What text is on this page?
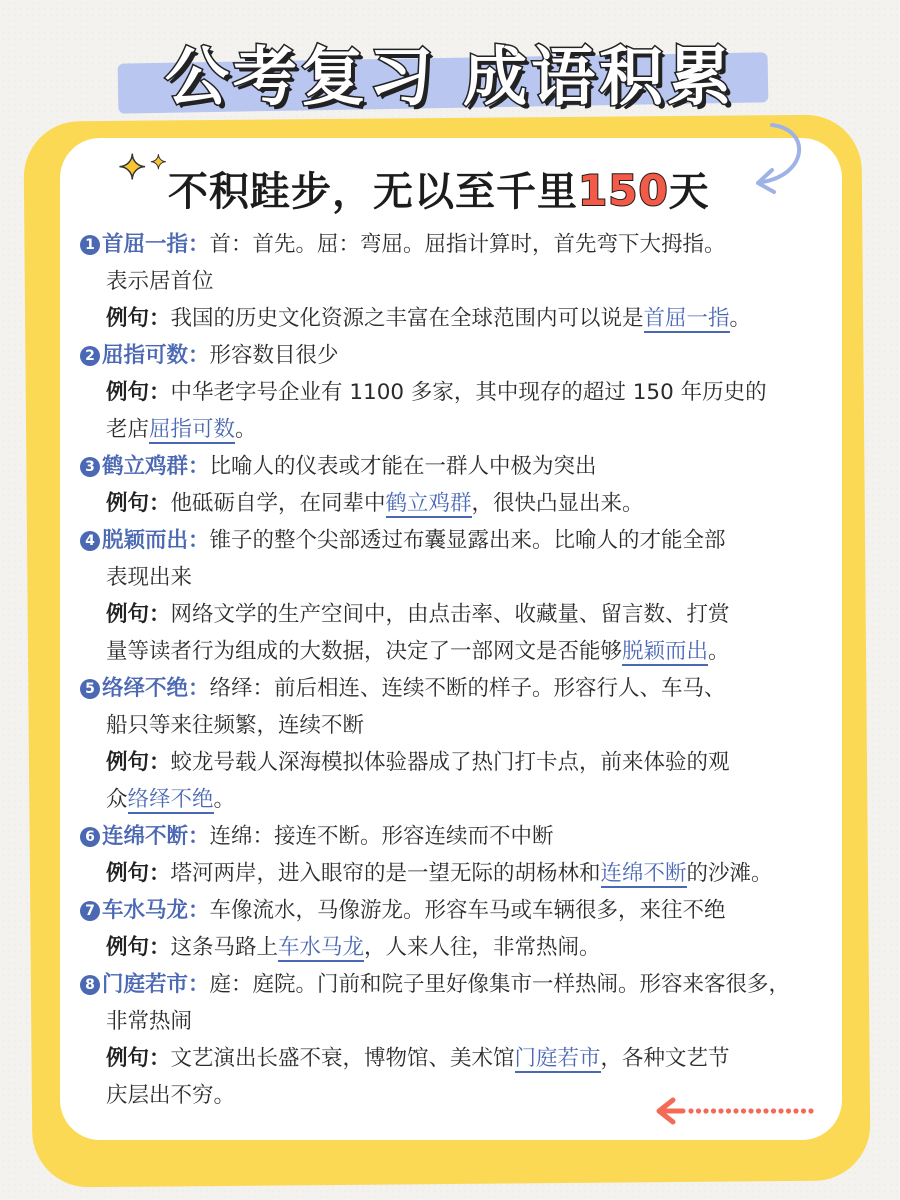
公考复习 成语积累
✦ ✦
不积跬步，无以至千里150天

1 首屈一指：首：首先。屈：弯屈。屈指计算时，首先弯下大拇指。

表示居首位

例句：我国的历史文化资源之丰富在全球范围内可以说是首屈一指。

2 屈指可数：形容数目很少

例句：中华老字号企业有 1100 多家，其中现存的超过 150 年历史的

老店屈指可数。

3 鹤立鸡群：比喻人的仪表或才能在一群人中极为突出

例句：他砥砺自学，在同辈中鹤立鸡群，很快凸显出来。

4 脱颖而出：锥子的整个尖部透过布囊显露出来。比喻人的才能全部

表现出来

例句：网络文学的生产空间中，由点击率、收藏量、留言数、打赏

量等读者行为组成的大数据，决定了一部网文是否能够脱颖而出。

5 络绎不绝：络绎：前后相连、连续不断的样子。形容行人、车马、

船只等来往频繁，连续不断

例句：蛟龙号载人深海模拟体验器成了热门打卡点，前来体验的观

众络绎不绝。

6 连绵不断：连绵：接连不断。形容连续而不中断

例句：塔河两岸，进入眼帘的是一望无际的胡杨林和连绵不断的沙滩。

7 车水马龙：车像流水，马像游龙。形容车马或车辆很多，来往不绝

例句：这条马路上车水马龙，人来人往，非常热闹。

8 门庭若市：庭：庭院。门前和院子里好像集市一样热闹。形容来客很多，

非常热闹

例句：文艺演出长盛不衰，博物馆、美术馆门庭若市，各种文艺节

庆层出不穷。
